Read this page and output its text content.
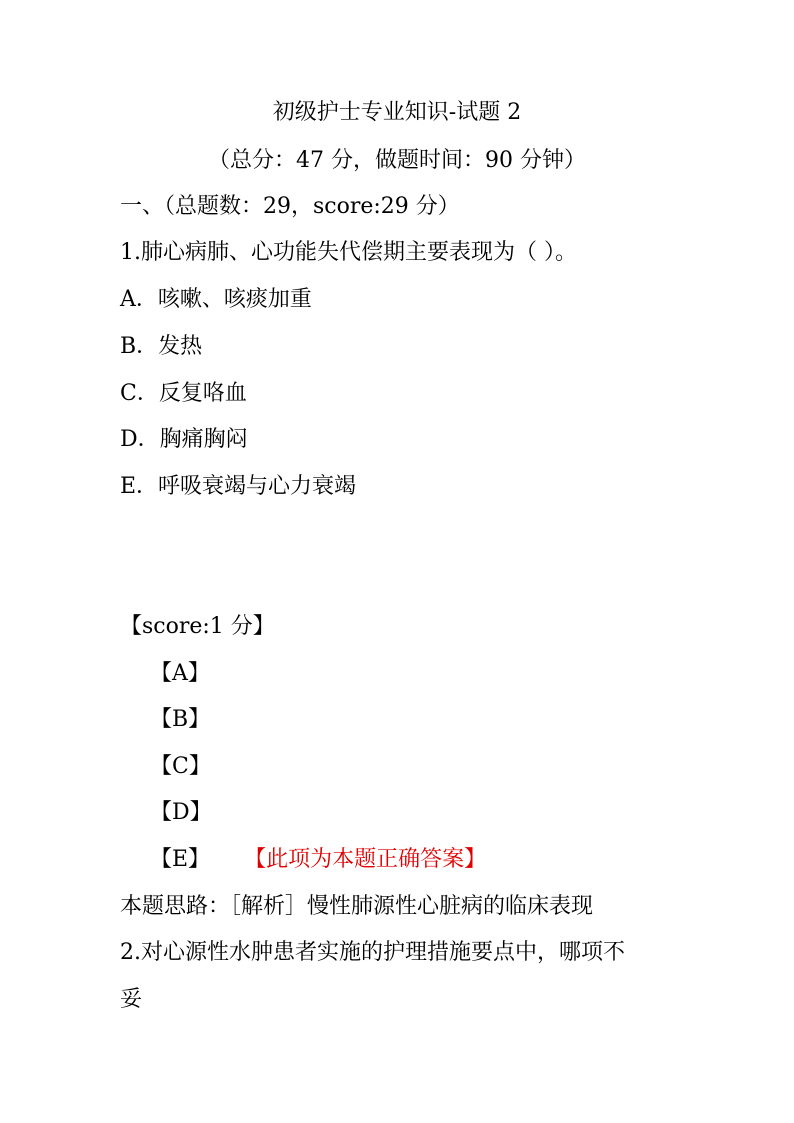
初级护士专业知识-试题 2
（总分：47 分，做题时间：90 分钟）
一、（总题数：29，score:29 分）
1.肺心病肺、心功能失代偿期主要表现为（ ）。
A．咳嗽、咳痰加重
B．发热
C．反复咯血
D．胸痛胸闷
E．呼吸衰竭与心力衰竭
【score:1 分】
【A】
【B】
【C】
【D】
【E】 【此项为本题正确答案】
本题思路：［解析］慢性肺源性心脏病的临床表现
2.对心源性水肿患者实施的护理措施要点中，哪项不
妥
